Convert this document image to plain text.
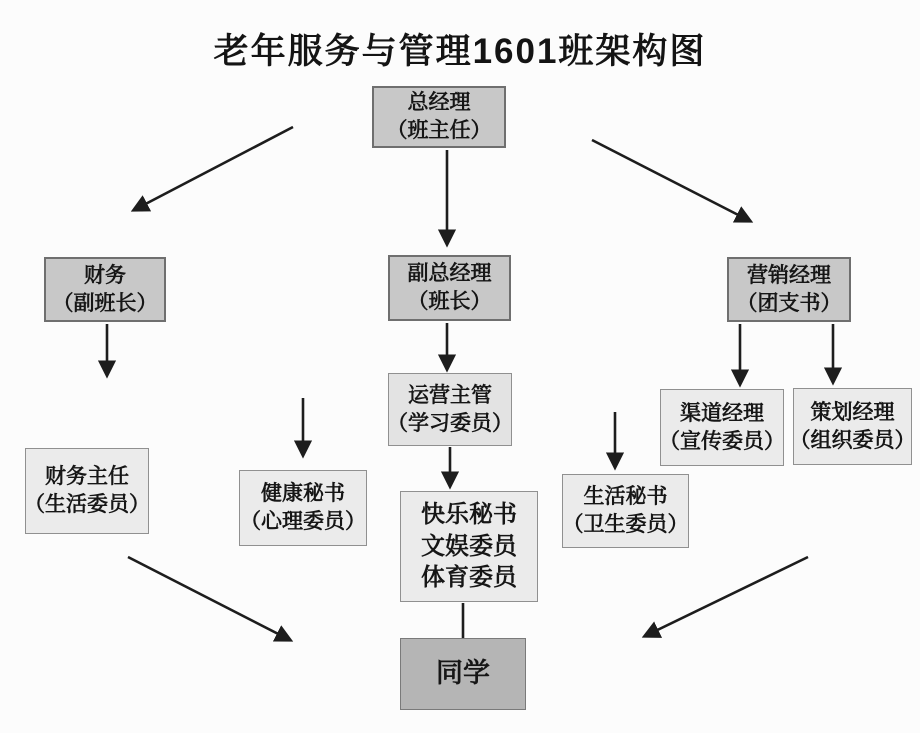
老年服务与管理1601班架构图
总经理
（班主任）
财务
（副班长）
副总经理
（班长）
营销经理
（团支书）
运营主管
（学习委员）
财务主任
（生活委员）	健康秘书
（心理委员） 快乐秘书
文娱委员
体育委员
生活秘书
（卫生委员）
渠道经理
（宣传委员）
策划经理
（组织委员）
同学
